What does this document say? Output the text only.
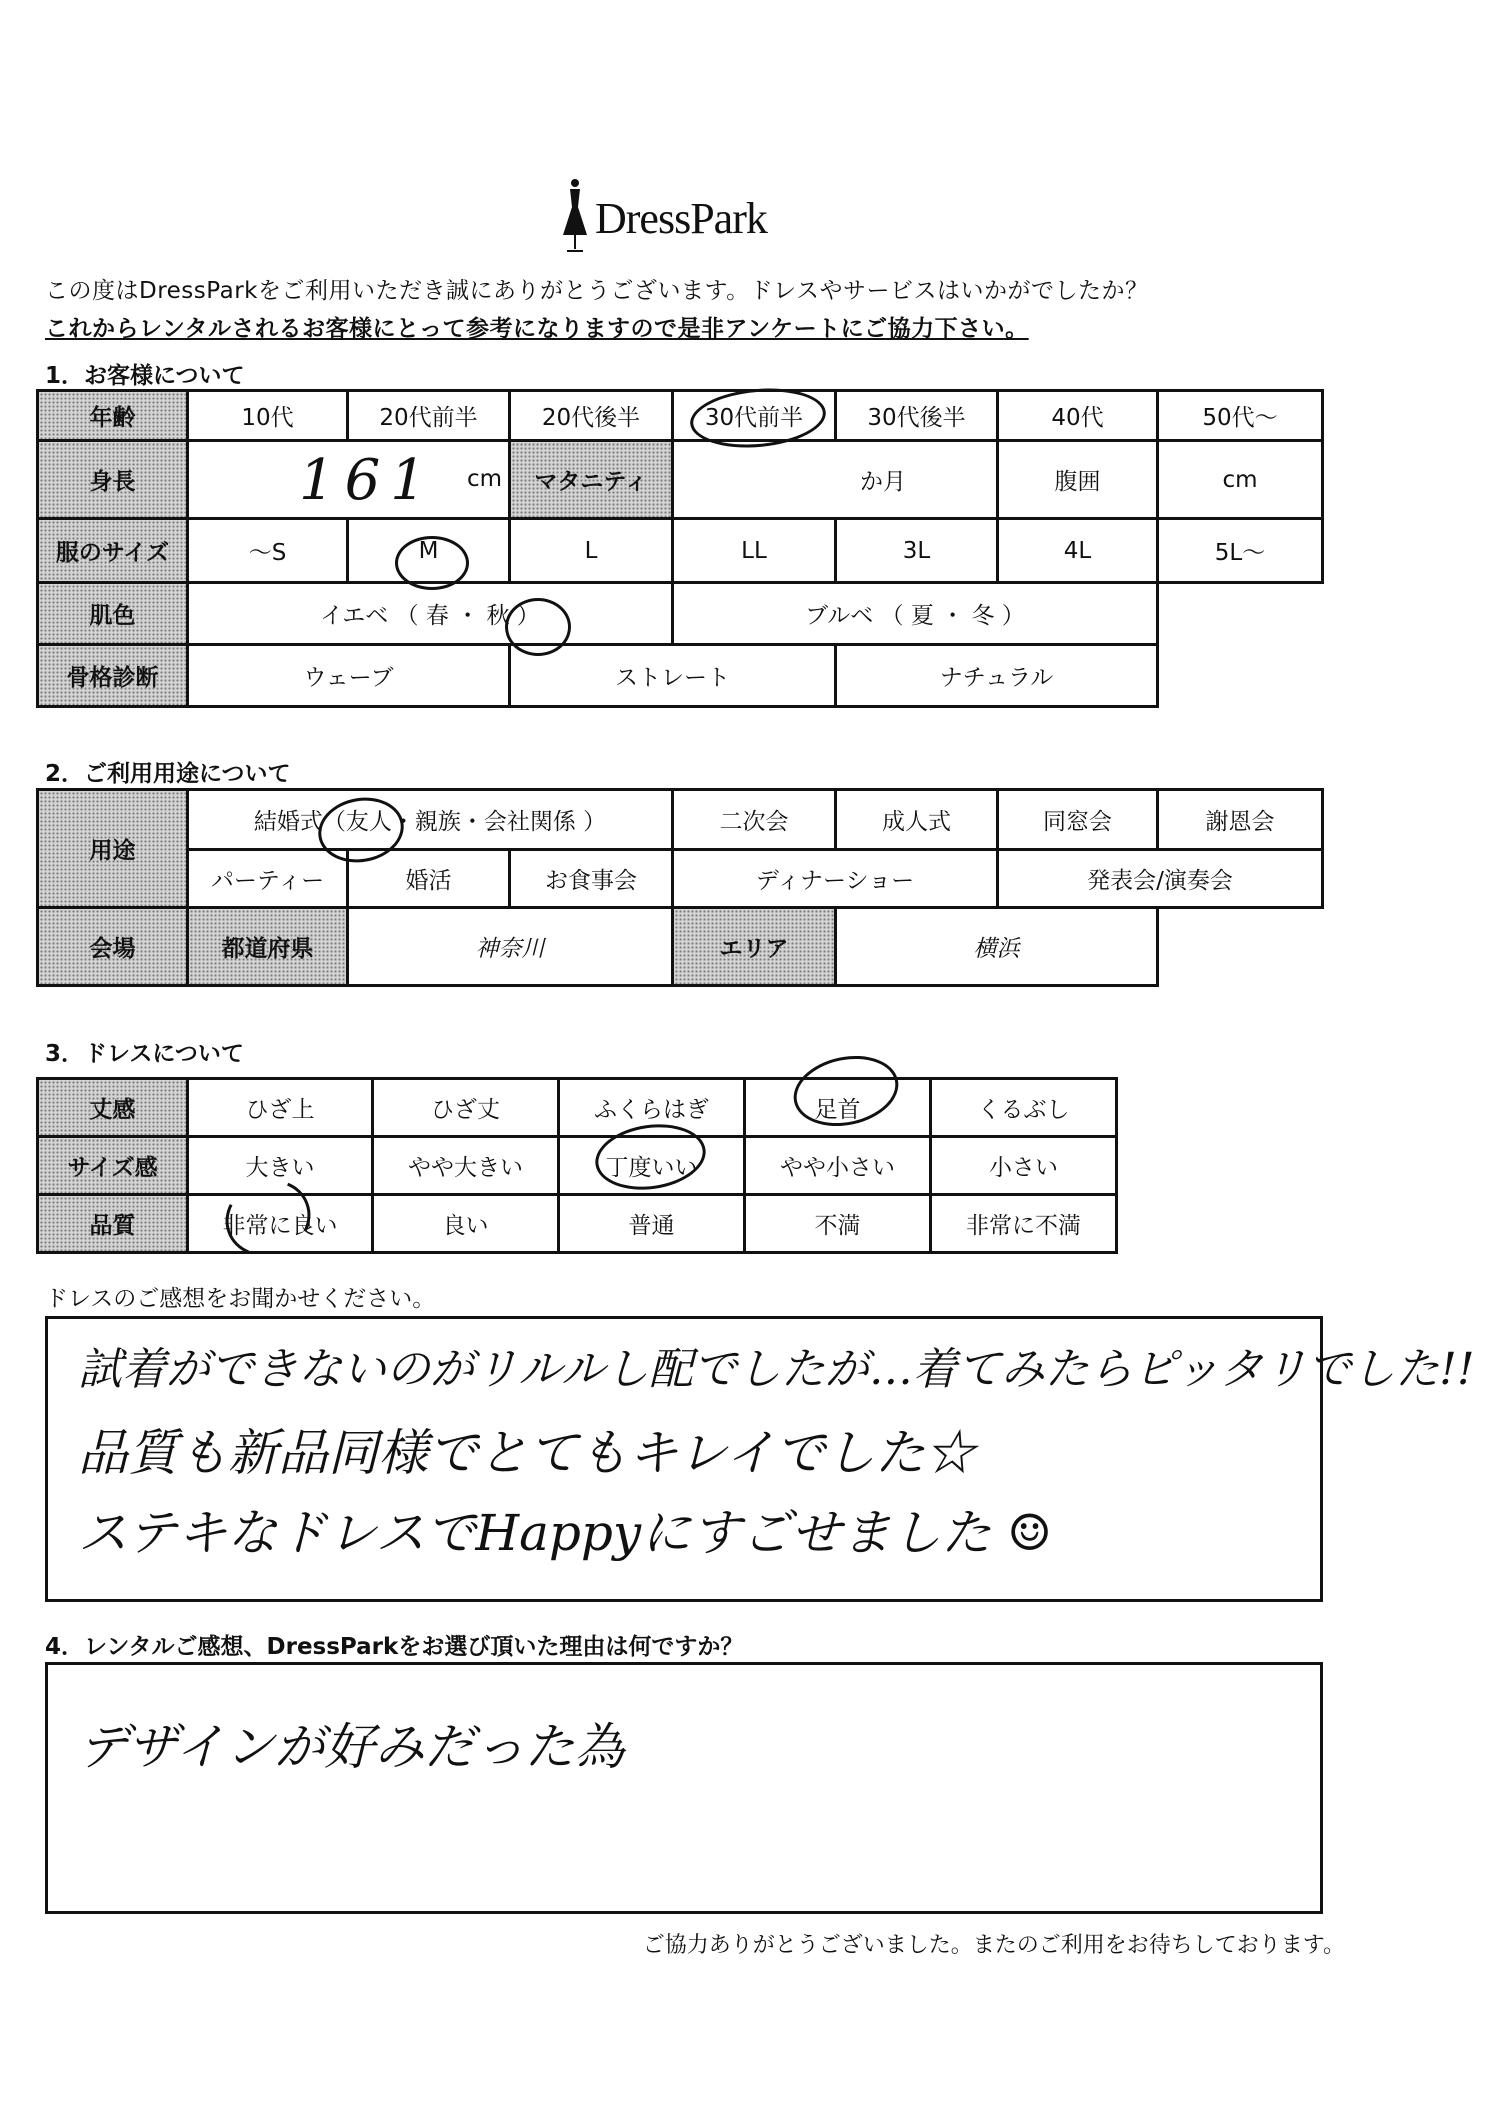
DressPark
この度はDressParkをご利用いただき誠にありがとうございます。ドレスやサービスはいかがでしたか？
これからレンタルされるお客様にとって参考になりますので是非アンケートにご協力下さい。
1．お客様について
年齢	10代	20代前半	20代後半	30代前半	30代後半	40代	50代～
身長	161 cm		マタニティ	か月		腹囲	cm
服のサイズ	～S	M	L	LL	3L	4L	5L～
肌色	イエベ （ 春 ・ 秋 ）			ブルベ （ 夏 ・ 冬 ）			
骨格診断	ウェーブ		ストレート		ナチュラル		
2．ご利用用途について
用途	結婚式（友人・親族・会社関係 ）			二次会	成人式	同窓会	謝恩会
	パーティー	婚活	お食事会	ディナーショー		発表会/演奏会	
会場	都道府県	神奈川		エリア	横浜		
3．ドレスについて
丈感	ひざ上	ひざ丈	ふくらはぎ	足首	くるぶし
サイズ感	大きい	やや大きい	丁度いい	やや小さい	小さい
品質	非常に良い	良い	普通	不満	非常に不満
ドレスのご感想をお聞かせください。
試着ができないのがリルルし配でしたが…着てみたらピッタリでした!!
品質も新品同様でとてもキレイでした☆
ステキなドレスでHappyにすごせました ☺
4．レンタルご感想、DressParkをお選び頂いた理由は何ですか？
デザインが好みだった為
ご協力ありがとうございました。またのご利用をお待ちしております。
